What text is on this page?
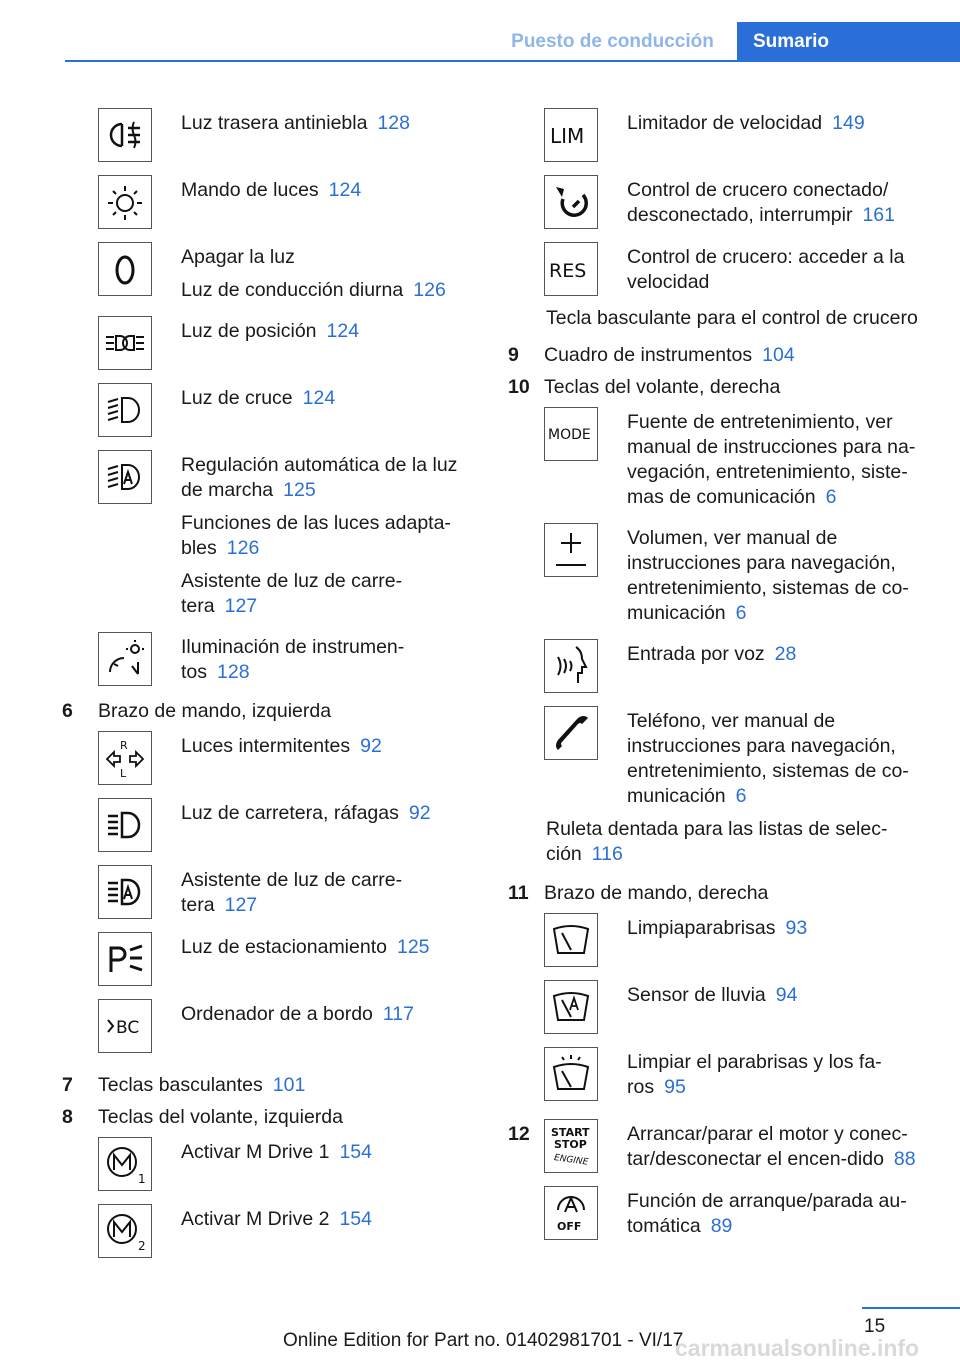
Puesto de conducción	Sumario

Luz trasera antiniebla 128

Mando de luces 124

Apagar la luz

Luz de conducción diurna 126

Luz de posición 124

Luz de cruce 124

Regulación automática de la luz de marcha 125

Funciones de las luces adapta-bles 126

Asistente de luz de carre-tera 127

Iluminación de instrumen-tos 128

6	Brazo de mando, izquierda
R
L

Luces intermitentes 92

Luz de carretera, ráfagas 92

Asistente de luz de carre-tera 127

Luz de estacionamiento 125

BC

Ordenador de a bordo 117

7	Teclas basculantes 101
8	Teclas del volante, izquierda
1

Activar M Drive 1 154

2

Activar M Drive 2 154

LIM

Limitador de velocidad 149

Control de crucero conectado/ desconectado, interrumpir 161

RES

Control de crucero: acceder a la velocidad

Tecla basculante para el control de crucero
9	Cuadro de instrumentos 104
10 Teclas del volante, derecha
MODE

Fuente de entretenimiento, ver manual de instrucciones para na-vegación, entretenimiento, siste-mas de comunicación 6

Volumen, ver manual de instrucciones para navegación, entretenimiento, sistemas de co-municación 6

Entrada por voz 28

Teléfono, ver manual de instrucciones para navegación, entretenimiento, sistemas de co-municación 6

Ruleta dentada para las listas de selec-ción 116
11 Brazo de mando, derecha

Limpiaparabrisas 93

Sensor de lluvia 94

Limpiar el parabrisas y los fa-ros 95

12	START
STOP
ENGINE

Arrancar/parar el motor y conec-tar/desconectar el encen-dido 88

OFF

Función de arranque/parada au-tomática 89

15
Online Edition for Part no. 01402981701 - VI/17
carmanualsonline.info
